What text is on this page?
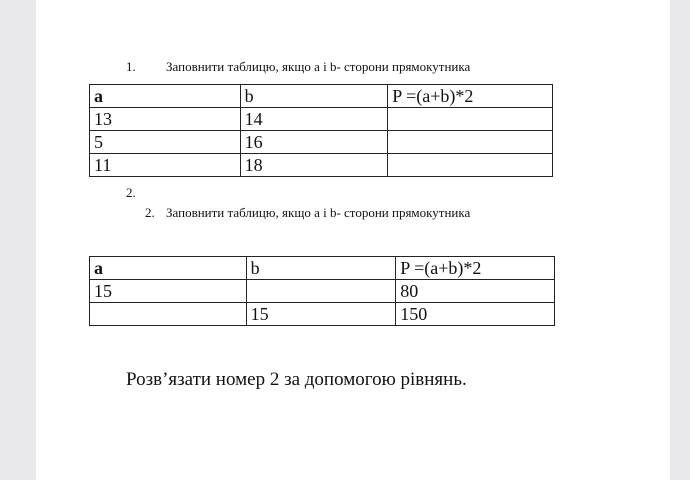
1. Заповнити таблицю, якщо a і b- сторони прямокутника
a	b	P =(a+b)*2
13	14	
5	16	
11	18	
2.
2. Заповнити таблицю, якщо a і b- сторони прямокутника
a	b	P =(a+b)*2
15		80
	15	150
Розв’язати номер 2 за допомогою рівнянь.
